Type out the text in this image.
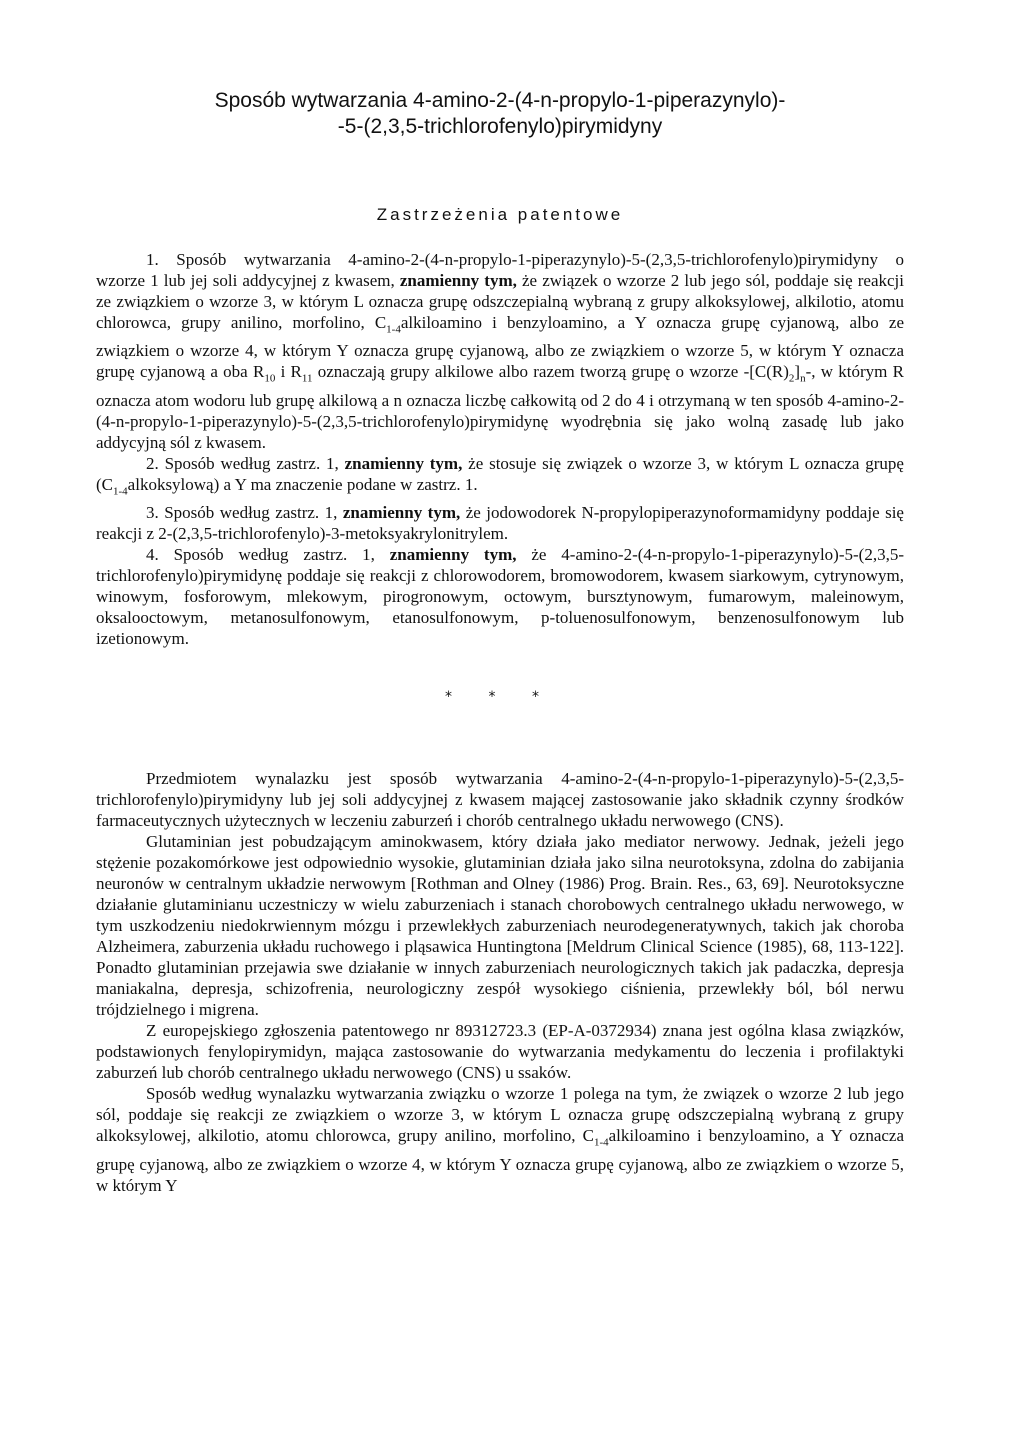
Sposób wytwarzania 4-amino-2-(4-n-propylo-1-piperazynylo)-
-5-(2,3,5-trichlorofenylo)pirymidyny
Zastrzeżenia patentowe

1. Sposób wytwarzania 4-amino-2-(4-n-propylo-1-piperazynylo)-5-(2,3,5-trichlorofenylo)pirymidyny o wzorze 1 lub jej soli addycyjnej z kwasem, znamienny tym, że związek o wzorze 2 lub jego sól, poddaje się reakcji ze związkiem o wzorze 3, w którym L oznacza grupę odszczepialną wybraną z grupy alkoksylowej, alkilotio, atomu chlorowca, grupy anilino, morfolino, $C_{1-4}alkiloamino$ i benzyloamino, a Y oznacza grupę cyjanową, albo ze związkiem o wzorze 4, w którym Y oznacza grupę cyjanową, albo ze związkiem o wzorze 5, w którym Y oznacza grupę cyjanową a oba $R_{10}$ i $R_{11}$ oznaczają grupy alkilowe albo razem tworzą grupę o wzorze $-[C(R)_2]_n-$, w którym R oznacza atom wodoru lub grupę alkilową a n oznacza liczbę całkowitą od 2 do 4 i otrzymaną w ten sposób 4-amino-2-(4-n-propylo-1-piperazynylo)-5-(2,3,5-trichlorofenylo)pirymidynę wyodrębnia się jako wolną zasadę lub jako addycyjną sól z kwasem.

2. Sposób według zastrz. 1, znamienny tym, że stosuje się związek o wzorze 3, w którym L oznacza grupę $(C_{1-4}alkoksylową)$ a Y ma znaczenie podane w zastrz. 1.

3. Sposób według zastrz. 1, znamienny tym, że jodowodorek N-propylopiperazynoformamidyny poddaje się reakcji z 2-(2,3,5-trichlorofenylo)-3-metoksyakrylonitrylem.

4. Sposób według zastrz. 1, znamienny tym, że 4-amino-2-(4-n-propylo-1-piperazynylo)-5-(2,3,5-trichlorofenylo)pirymidynę poddaje się reakcji z chlorowodorem, bromowodorem, kwasem siarkowym, cytrynowym, winowym, fosforowym, mlekowym, pirogronowym, octowym, bursztynowym, fumarowym, maleinowym, oksalooctowym, metanosulfonowym, etanosulfonowym, p-toluenosulfonowym, benzenosulfonowym lub izetionowym.

* * *

Przedmiotem wynalazku jest sposób wytwarzania 4-amino-2-(4-n-propylo-1-piperazynylo)-5-(2,3,5-trichlorofenylo)pirymidyny lub jej soli addycyjnej z kwasem mającej zastosowanie jako składnik czynny środków farmaceutycznych użytecznych w leczeniu zaburzeń i chorób centralnego układu nerwowego (CNS).

Glutaminian jest pobudzającym aminokwasem, który działa jako mediator nerwowy. Jednak, jeżeli jego stężenie pozakomórkowe jest odpowiednio wysokie, glutaminian działa jako silna neurotoksyna, zdolna do zabijania neuronów w centralnym układzie nerwowym [Rothman and Olney (1986) Prog. Brain. Res., 63, 69]. Neurotoksyczne działanie glutaminianu uczestniczy w wielu zaburzeniach i stanach chorobowych centralnego układu nerwowego, w tym uszkodzeniu niedokrwiennym mózgu i przewlekłych zaburzeniach neurodegeneratywnych, takich jak choroba Alzheimera, zaburzenia układu ruchowego i pląsawica Huntingtona [Meldrum Clinical Science (1985), 68, 113-122]. Ponadto glutaminian przejawia swe działanie w innych zaburzeniach neurologicznych takich jak padaczka, depresja maniakalna, depresja, schizofrenia, neurologiczny zespół wysokiego ciśnienia, przewlekły ból, ból nerwu trójdzielnego i migrena.

Z europejskiego zgłoszenia patentowego nr 89312723.3 (EP-A-0372934) znana jest ogólna klasa związków, podstawionych fenylopirymidyn, mająca zastosowanie do wytwarzania medykamentu do leczenia i profilaktyki zaburzeń lub chorób centralnego układu nerwowego (CNS) u ssaków.

Sposób według wynalazku wytwarzania związku o wzorze 1 polega na tym, że związek o wzorze 2 lub jego sól, poddaje się reakcji ze związkiem o wzorze 3, w którym L oznacza grupę odszczepialną wybraną z grupy alkoksylowej, alkilotio, atomu chlorowca, grupy anilino, morfolino, $C_{1-4}alkiloamino$ i benzyloamino, a Y oznacza grupę cyjanową, albo ze związkiem o wzorze 4, w którym Y oznacza grupę cyjanową, albo ze związkiem o wzorze 5, w którym Y
